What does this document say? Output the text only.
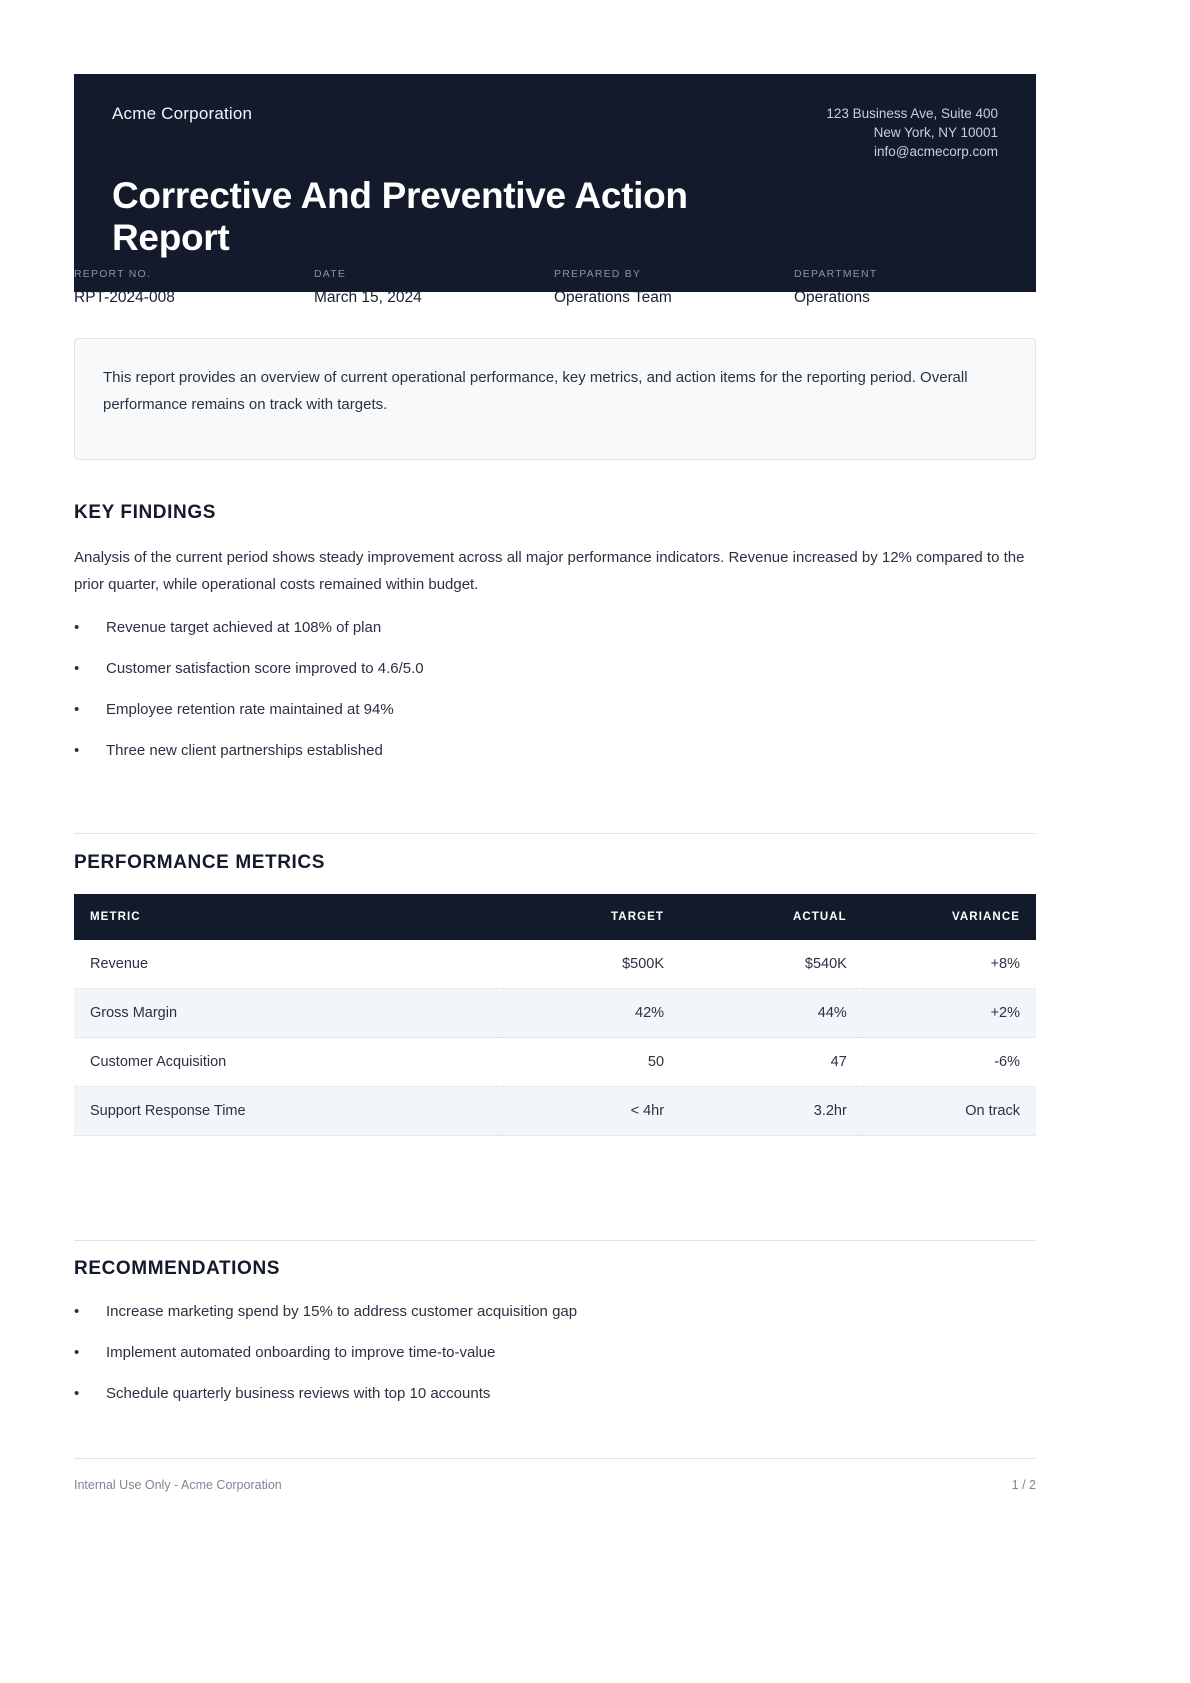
Acme Corporation	123 Business Ave, Suite 400
New York, NY 10001
info@acmecorp.com
Corrective And Preventive Action Report
REPORT NO.
RPT-2024-008
DATE
March 15, 2024
PREPARED BY
Operations Team
DEPARTMENT
Operations

This report provides an overview of current operational performance, key metrics, and action items for the reporting period. Overall performance remains on track with targets.

KEY FINDINGS
Analysis of the current period shows steady improvement across all major performance indicators. Revenue increased by 12% compared to the prior quarter, while operational costs remained within budget.
• Revenue target achieved at 108% of plan
• Customer satisfaction score improved to 4.6/5.0
• Employee retention rate maintained at 94%
• Three new client partnerships established
PERFORMANCE METRICS
METRIC	TARGET	ACTUAL	VARIANCE
Revenue	$500K	$540K	+8%
Gross Margin	42%	44%	+2%
Customer Acquisition	50	47	-6%
Support Response Time	< 4hr	3.2hr	On track
RECOMMENDATIONS
• Increase marketing spend by 15% to address customer acquisition gap
• Implement automated onboarding to improve time-to-value
• Schedule quarterly business reviews with top 10 accounts
Internal Use Only - Acme Corporation	1 / 2
